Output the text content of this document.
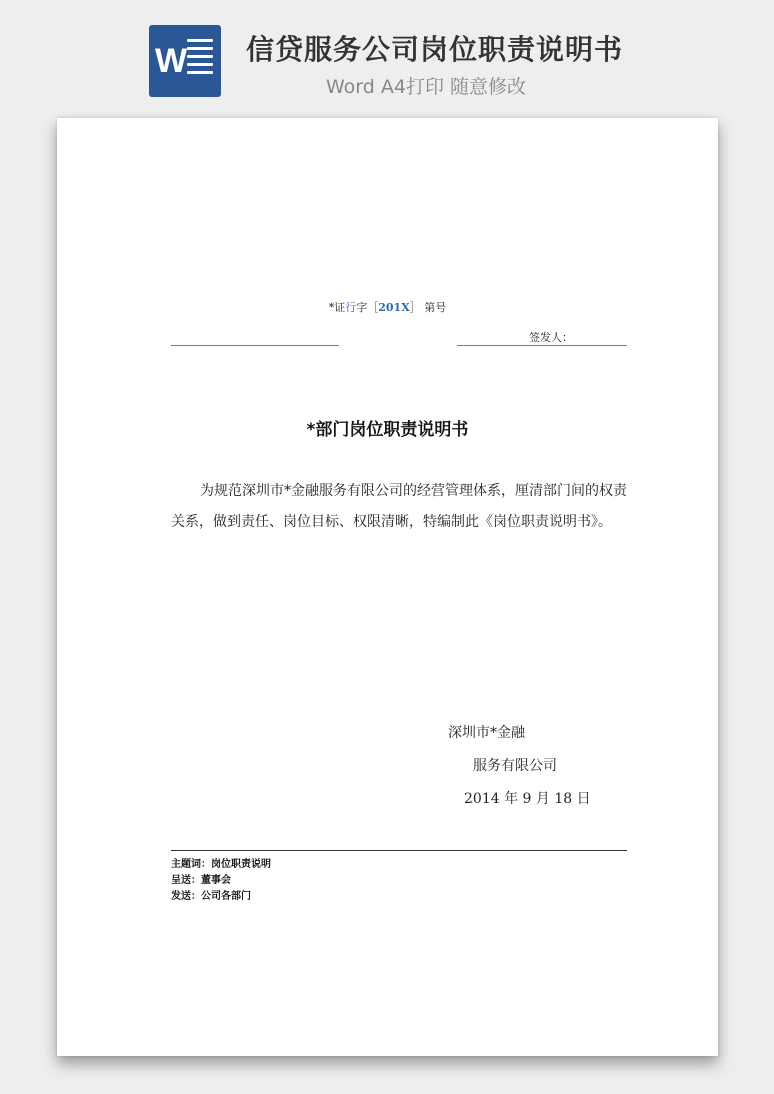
W 信贷服务公司岗位职责说明书
Word A4打印 随意修改
*证行字［201X］ 第号
签发人：
*部门岗位职责说明书
为规范深圳市*金融服务有限公司的经营管理体系，厘清部门间的权责关系，做到责任、岗位目标、权限清晰，特编制此《岗位职责说明书》。
深圳市*金融
服务有限公司
2014 年 9 月 18 日
主题词：岗位职责说明
呈送：董事会
发送：公司各部门
